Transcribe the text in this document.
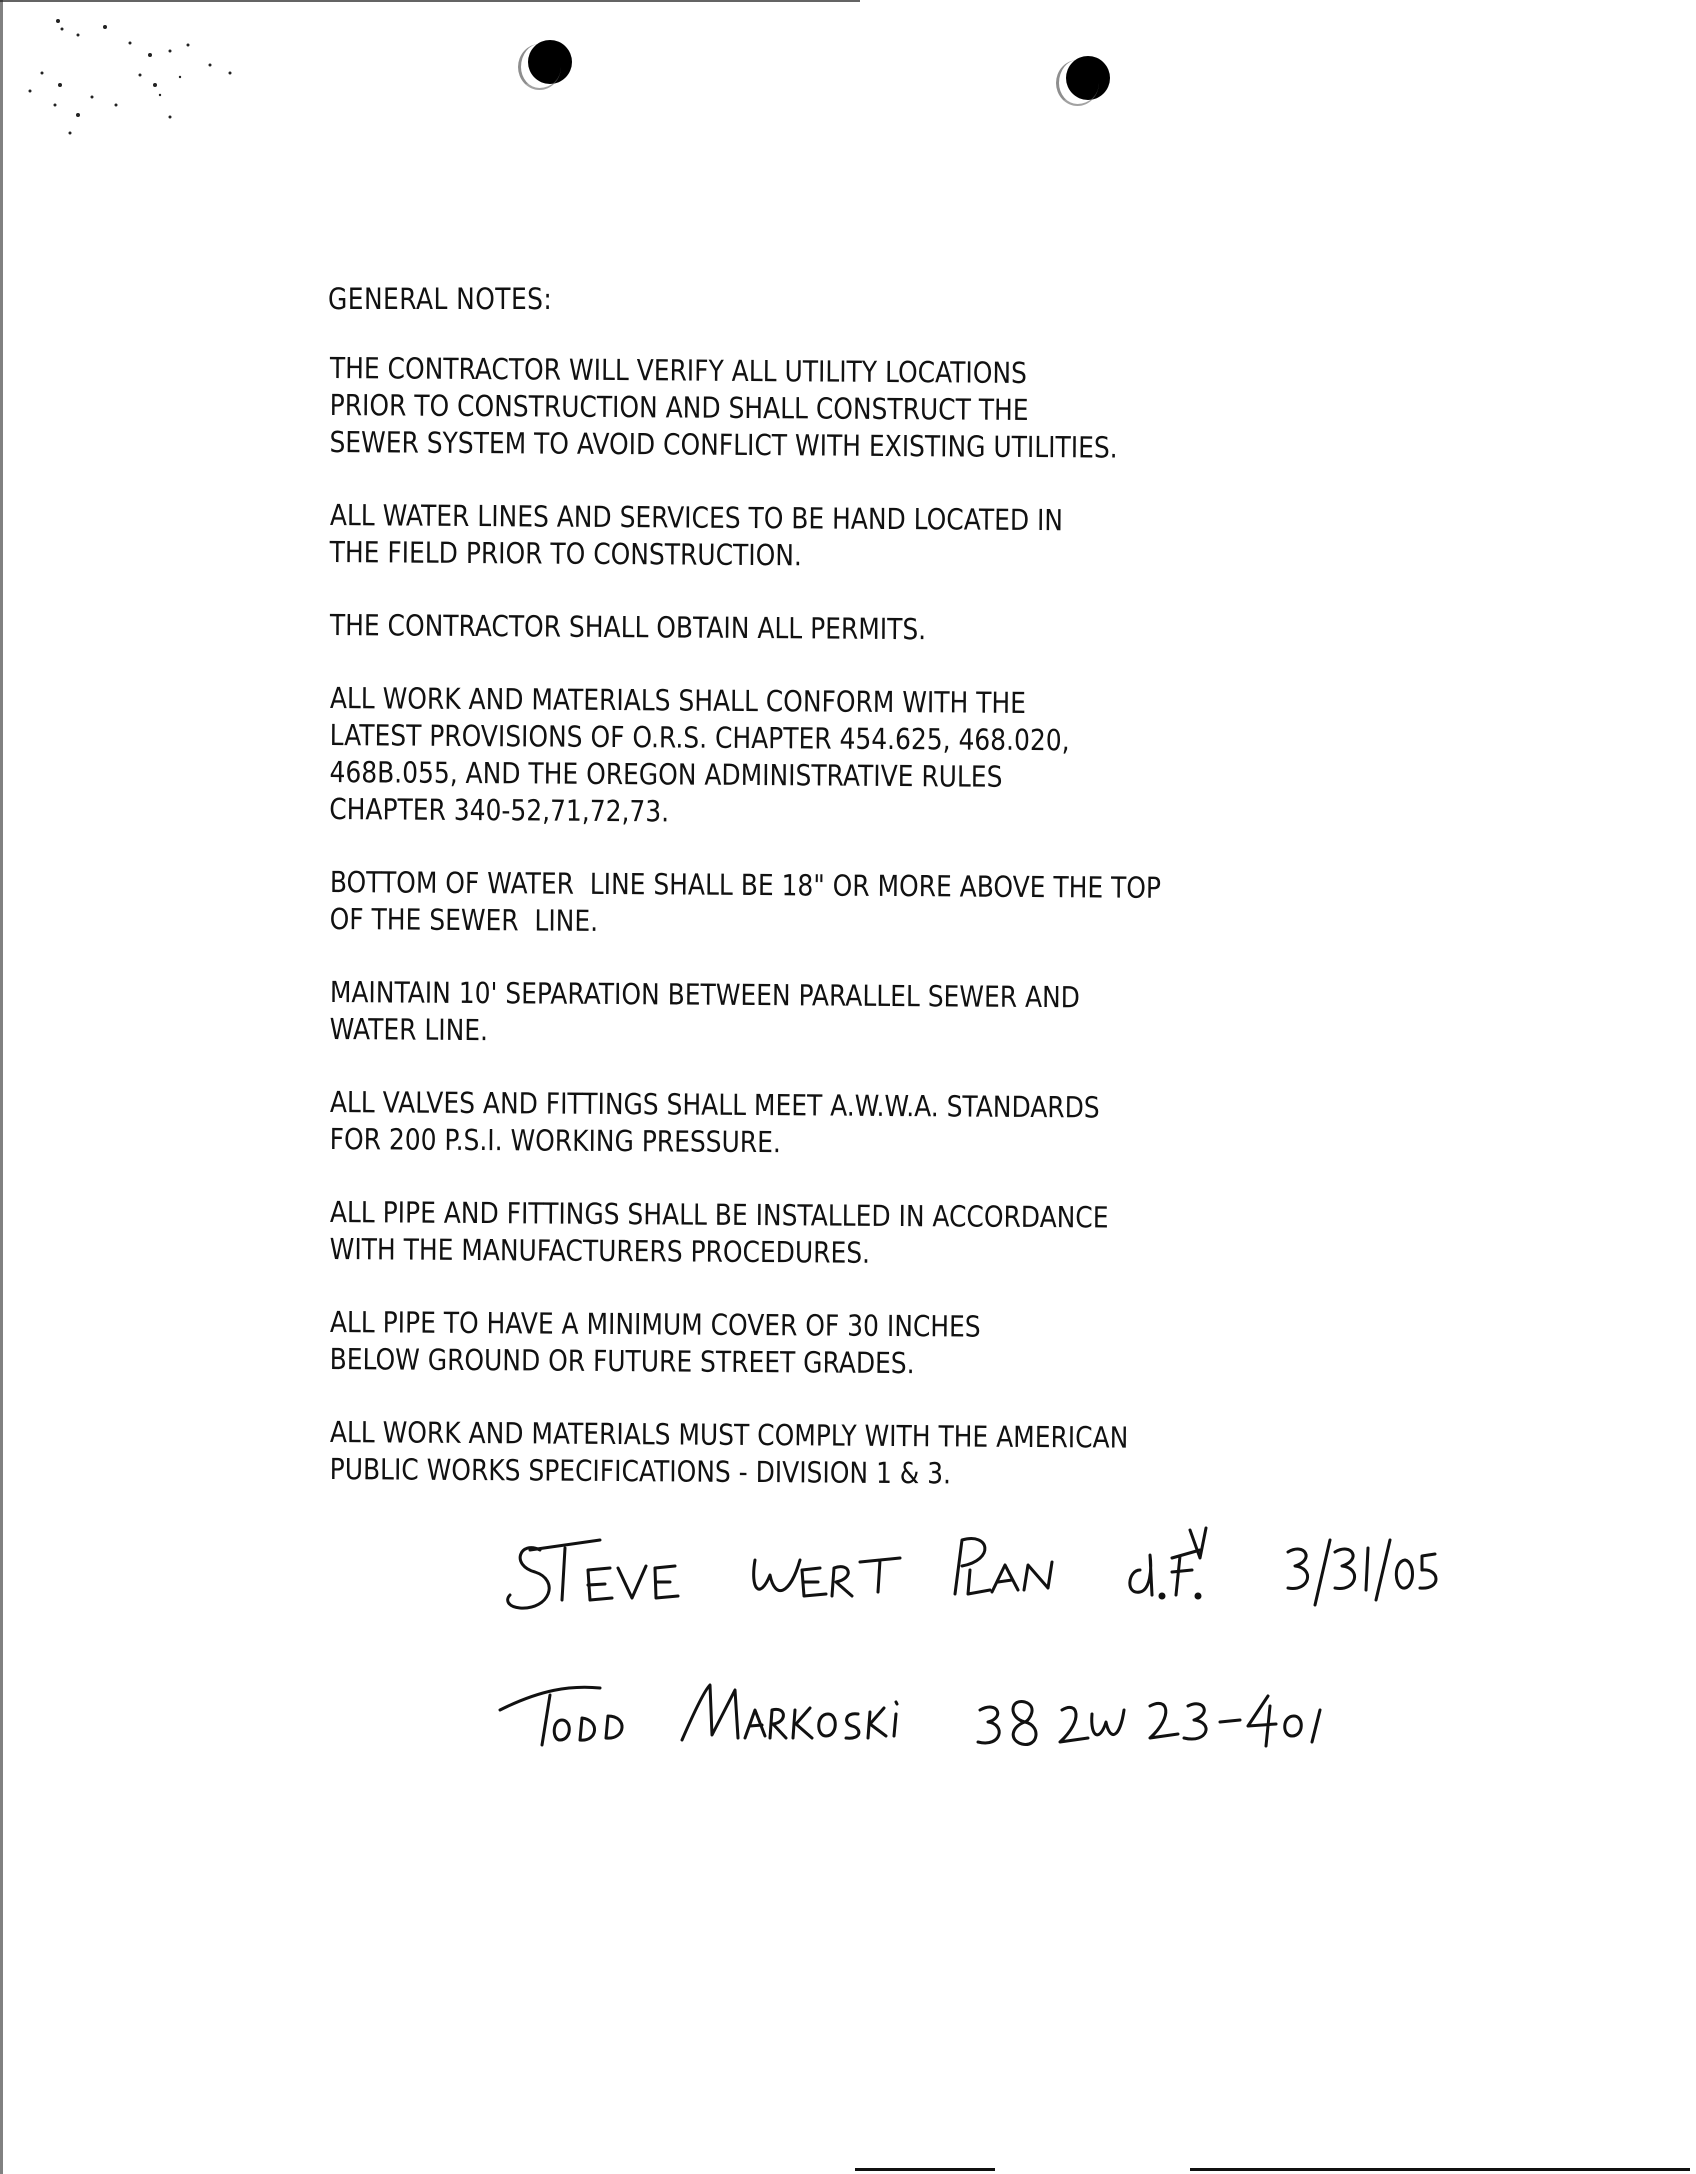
GENERAL NOTES:
THE CONTRACTOR WILL VERIFY ALL UTILITY LOCATIONS
PRIOR TO CONSTRUCTION AND SHALL CONSTRUCT THE
SEWER SYSTEM TO AVOID CONFLICT WITH EXISTING UTILITIES.
ALL WATER LINES AND SERVICES TO BE HAND LOCATED IN
THE FIELD PRIOR TO CONSTRUCTION.
THE CONTRACTOR SHALL OBTAIN ALL PERMITS.
ALL WORK AND MATERIALS SHALL CONFORM WITH THE
LATEST PROVISIONS OF O.R.S. CHAPTER 454.625, 468.020,
468B.055, AND THE OREGON ADMINISTRATIVE RULES
CHAPTER 340-52,71,72,73.
BOTTOM OF WATER  LINE SHALL BE 18" OR MORE ABOVE THE TOP
OF THE SEWER  LINE.
MAINTAIN 10' SEPARATION BETWEEN PARALLEL SEWER AND
WATER LINE.
ALL VALVES AND FITTINGS SHALL MEET A.W.W.A. STANDARDS
FOR 200 P.S.I. WORKING PRESSURE.
ALL PIPE AND FITTINGS SHALL BE INSTALLED IN ACCORDANCE
WITH THE MANUFACTURERS PROCEDURES.
ALL PIPE TO HAVE A MINIMUM COVER OF 30 INCHES
BELOW GROUND OR FUTURE STREET GRADES.
ALL WORK AND MATERIALS MUST COMPLY WITH THE AMERICAN
PUBLIC WORKS SPECIFICATIONS - DIVISION 1 & 3.
